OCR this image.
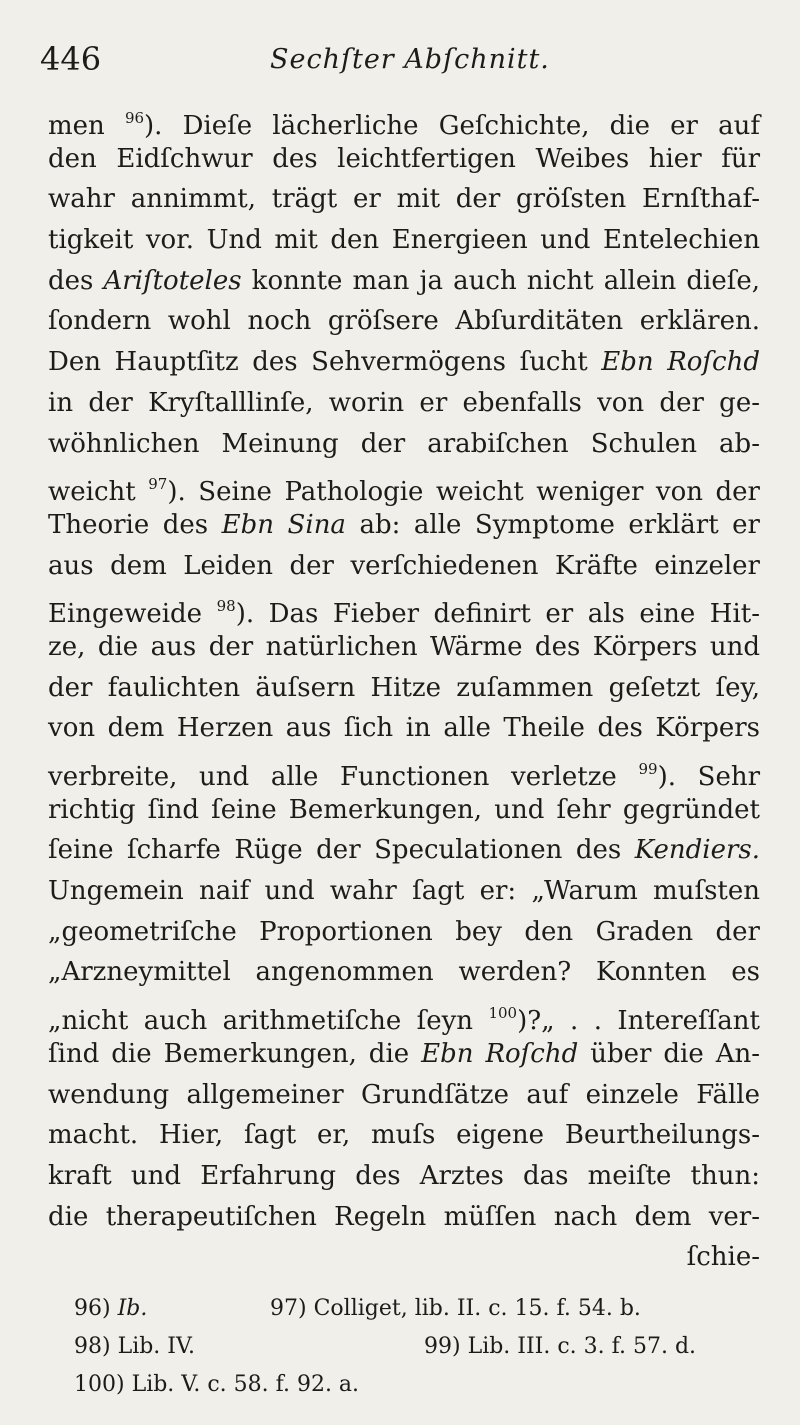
446	Sechſter Abſchnitt.
men $^{96}$). Dieſe lächerliche Geſchichte, die er auf
den Eidſchwur des leichtfertigen Weibes hier für
wahr annimmt, trägt er mit der gröſsten Ernſthaf-
tigkeit vor. Und mit den Energieen und Entelechien
des Ariſtoteles konnte man ja auch nicht allein dieſe,
ſondern wohl noch gröſsere Abſurditäten erklären.
Den Hauptſitz des Sehvermögens ſucht Ebn Roſchd
in der Kryſtalllinſe, worin er ebenfalls von der ge-
wöhnlichen Meinung der arabiſchen Schulen ab-
weicht $^{97}$). Seine Pathologie weicht weniger von der
Theorie des Ebn Sina ab: alle Symptome erklärt er
aus dem Leiden der verſchiedenen Kräfte einzeler
Eingeweide $^{98}$). Das Fieber definirt er als eine Hit-
ze, die aus der natürlichen Wärme des Körpers und
der faulichten äuſsern Hitze zuſammen geſetzt ſey,
von dem Herzen aus ſich in alle Theile des Körpers
verbreite, und alle Functionen verletze $^{99}$). Sehr
richtig ſind ſeine Bemerkungen, und ſehr gegründet
ſeine ſcharfe Rüge der Speculationen des Kendiers.
Ungemein naif und wahr ſagt er: „Warum muſsten
„geometriſche Proportionen bey den Graden der
„Arzneymittel angenommen werden? Konnten es
„nicht auch arithmetiſche ſeyn $^{100}$)?„ . . Intereſſant
ſind die Bemerkungen, die Ebn Roſchd über die An-
wendung allgemeiner Grundſätze auf einzele Fälle
macht. Hier, ſagt er, muſs eigene Beurtheilungs-
kraft und Erfahrung des Arztes das meiſte thun:
die therapeutiſchen Regeln müſſen nach dem ver-
ſchie-
96) Ib.	97) Colliget, lib. II. c. 15. f. 54. b.
98) Lib. IV.	99) Lib. III. c. 3. f. 57. d.
100) Lib. V. c. 58. f. 92. a.
